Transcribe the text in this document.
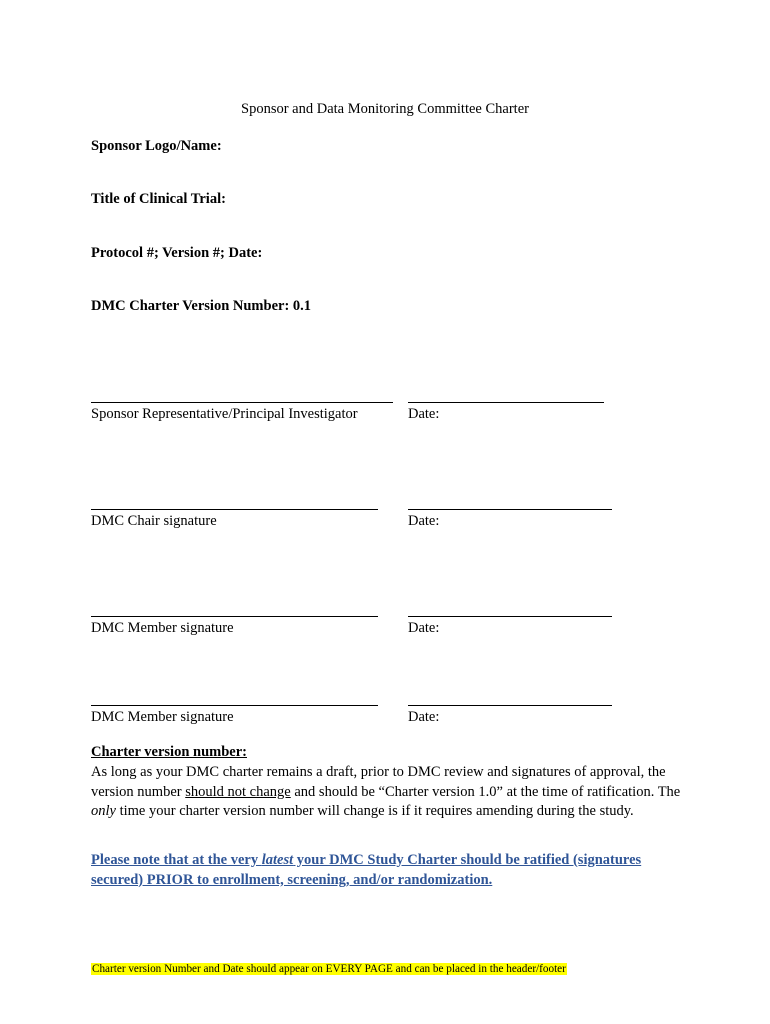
Sponsor and Data Monitoring Committee Charter
Sponsor Logo/Name:
Title of Clinical Trial:
Protocol #; Version #; Date:
DMC Charter Version Number: 0.1
Sponsor Representative/Principal Investigator	Date:
DMC Chair signature	Date:
DMC Member signature	Date:
DMC Member signature	Date:
Charter version number:
As long as your DMC charter remains a draft, prior to DMC review and signatures of approval, the version number should not change and should be “Charter version 1.0” at the time of ratification. The only time your charter version number will change is if it requires amending during the study.
Please note that at the very latest your DMC Study Charter should be ratified (signatures secured) PRIOR to enrollment, screening, and/or randomization.
Charter version Number and Date should appear on EVERY PAGE and can be placed in the header/footer
